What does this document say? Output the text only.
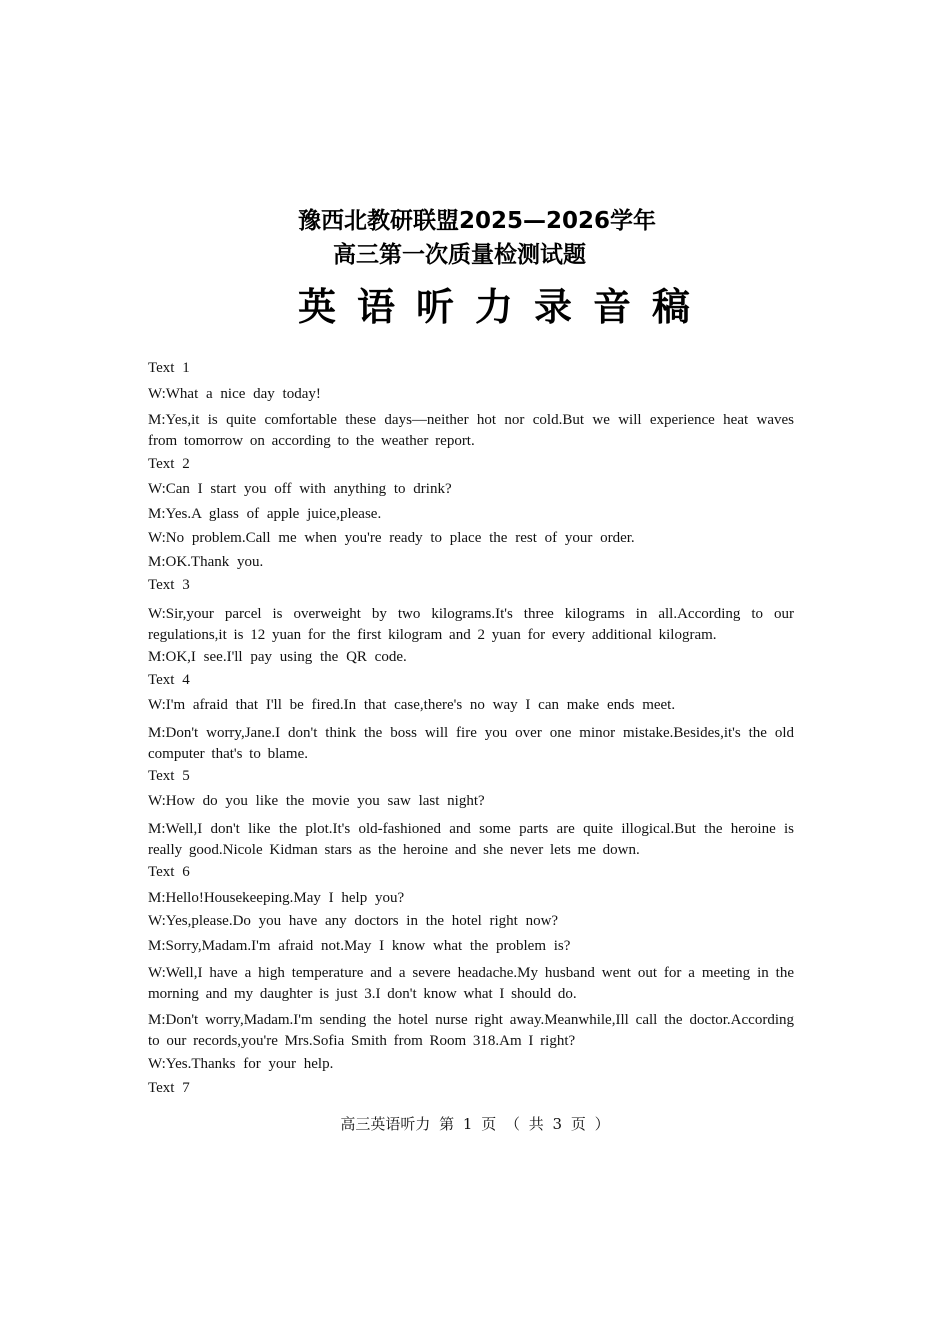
豫西北教研联盟2025—2026学年
高三第一次质量检测试题
英语听力录音稿
Text 1
W:What a nice day today!
M:Yes,it is quite comfortable these days—neither hot nor cold.But we will experience heat waves from tomorrow on according to the weather report.
Text 2
W:Can I start you off with anything to drink?
M:Yes.A glass of apple juice,please.
W:No problem.Call me when you're ready to place the rest of your order.
M:OK.Thank you.
Text 3
W:Sir,your parcel is overweight by two kilograms.It's three kilograms in all.According to our regulations,it is 12 yuan for the first kilogram and 2 yuan for every additional kilogram.
M:OK,I see.I'll pay using the QR code.
Text 4
W:I'm afraid that I'll be fired.In that case,there's no way I can make ends meet.
M:Don't worry,Jane.I don't think the boss will fire you over one minor mistake.Besides,it's the old computer that's to blame.
Text 5
W:How do you like the movie you saw last night?
M:Well,I don't like the plot.It's old-fashioned and some parts are quite illogical.But the heroine is really good.Nicole Kidman stars as the heroine and she never lets me down.
Text 6
M:Hello!Housekeeping.May I help you?
W:Yes,please.Do you have any doctors in the hotel right now?
M:Sorry,Madam.I'm afraid not.May I know what the problem is?
W:Well,I have a high temperature and a severe headache.My husband went out for a meeting in the morning and my daughter is just 3.I don't know what I should do.
M:Don't worry,Madam.I'm sending the hotel nurse right away.Meanwhile,Ill call the doctor.According to our records,you're Mrs.Sofia Smith from Room 318.Am I right?
W:Yes.Thanks for your help.
Text 7
高三英语听力 第 1 页 （ 共 3 页 ）
